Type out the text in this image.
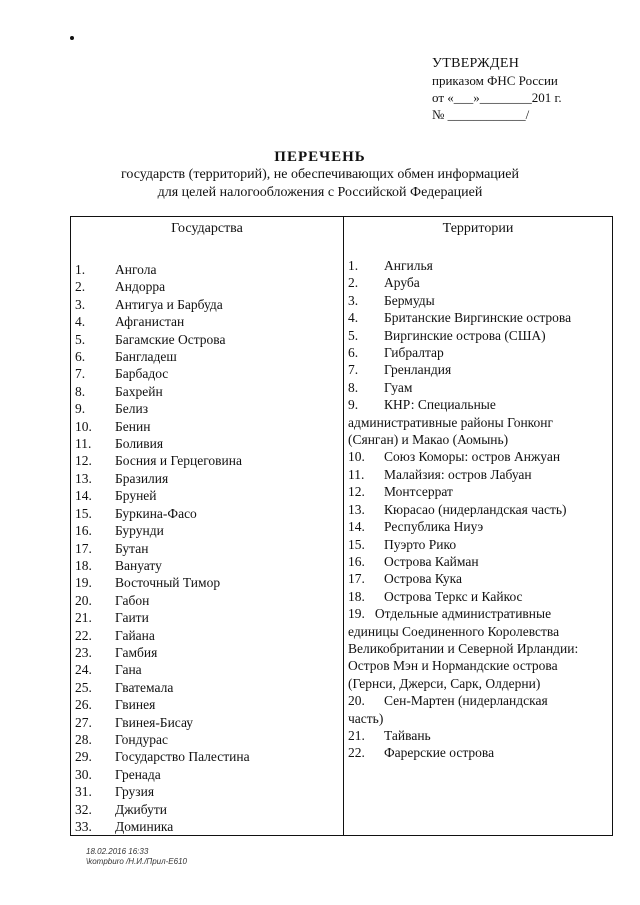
УТВЕРЖДЕН
приказом ФНС России
от «___»________201 г.
№ ____________/
ПЕРЕЧЕНЬ
государств (территорий), не обеспечивающих обмен информацией
для целей налогообложения с Российской Федерацией
Государства
1.	Ангола
2.	Андорра
3.	Антигуа и Барбуда
4.	Афганистан
5.	Багамские Острова
6.	Бангладеш
7.	Барбадос
8.	Бахрейн
9.	Белиз
10.	Бенин
11.	Боливия
12.	Босния и Герцеговина
13.	Бразилия
14.	Бруней
15.	Буркина-Фасо
16.	Бурунди
17.	Бутан
18.	Вануату
19.	Восточный Тимор
20.	Габон
21.	Гаити
22.	Гайана
23.	Гамбия
24.	Гана
25.	Гватемала
26.	Гвинея
27.	Гвинея-Бисау
28.	Гондурас
29.	Государство Палестина
30.	Гренада
31.	Грузия
32.	Джибути
33.	Доминика

Территории
1. Ангилья
2. Аруба
3. Бермуды
4. Британские Виргинские острова
5. Виргинские острова (США)
6. Гибралтар
7. Гренландия
8. Гуам
9. КНР: Специальные
административные районы Гонконг
(Сянган) и Макао (Аомынь)
10. Союз Коморы: остров Анжуан
11. Малайзия: остров Лабуан
12. Монтсеррат
13. Кюрасао (нидерландская часть)
14. Республика Ниуэ
15. Пуэрто Рико
16. Острова Кайман
17. Острова Кука
18. Острова Теркс и Кайкос
19. Отдельные административные
единицы Соединенного Королевства
Великобритании и Северной Ирландии:
Остров Мэн и Нормандские острова
(Гернси, Джерси, Сарк, Олдерни)
20. Сен-Мартен (нидерландская
часть)
21. Тайвань
22. Фарерские острова
18.02.2016 16:33
\kompburo /Н.И./Прил-Е610
